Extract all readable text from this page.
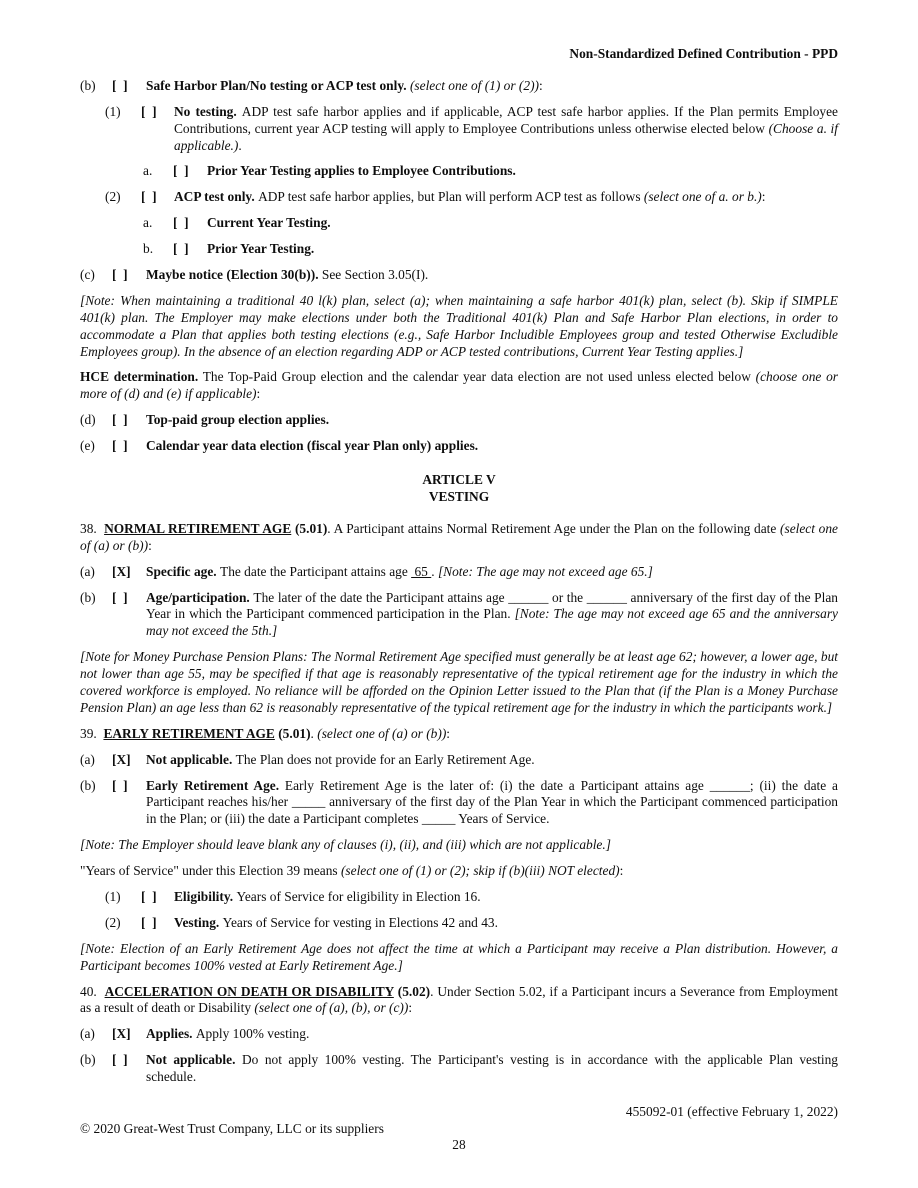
Non-Standardized Defined Contribution - PPD
(b)	[  ]	Safe Harbor Plan/No testing or ACP test only. (select one of (1) or (2)):
(1)	[  ]	No testing. ADP test safe harbor applies and if applicable, ACP test safe harbor applies. If the Plan permits Employee Contributions, current year ACP testing will apply to Employee Contributions unless otherwise elected below (Choose a. if applicable.).
a.	[  ]	Prior Year Testing applies to Employee Contributions.
(2)	[  ]	ACP test only. ADP test safe harbor applies, but Plan will perform ACP test as follows (select one of a. or b.):
a.	[  ]	Current Year Testing.
b.	[  ]	Prior Year Testing.
(c)	[  ]	Maybe notice (Election 30(b)). See Section 3.05(I).

[Note: When maintaining a traditional 40 l(k) plan, select (a); when maintaining a safe harbor 401(k) plan, select (b). Skip if SIMPLE 401(k) plan. The Employer may make elections under both the Traditional 401(k) Plan and Safe Harbor Plan elections, in order to accommodate a Plan that applies both testing elections (e.g., Safe Harbor Includible Employees group and tested Otherwise Excludible Employees group). In the absence of an election regarding ADP or ACP tested contributions, Current Year Testing applies.]

HCE determination. The Top-Paid Group election and the calendar year data election are not used unless elected below (choose one or more of (d) and (e) if applicable):

(d)	[  ]	Top-paid group election applies.
(e)	[  ]	Calendar year data election (fiscal year Plan only) applies.
ARTICLE V
VESTING

38.  NORMAL RETIREMENT AGE (5.01). A Participant attains Normal Retirement Age under the Plan on the following date (select one of (a) or (b)):

(a)	[X]	Specific age. The date the Participant attains age  65 . [Note: The age may not exceed age 65.]
(b)	[  ]	Age/participation. The later of the date the Participant attains age ______ or the ______ anniversary of the first day of the Plan Year in which the Participant commenced participation in the Plan. [Note: The age may not exceed age 65 and the anniversary may not exceed the 5th.]

[Note for Money Purchase Pension Plans: The Normal Retirement Age specified must generally be at least age 62; however, a lower age, but not lower than age 55, may be specified if that age is reasonably representative of the typical retirement age for the industry in which the covered workforce is employed. No reliance will be afforded on the Opinion Letter issued to the Plan that (if the Plan is a Money Purchase Pension Plan) an age less than 62 is reasonably representative of the typical retirement age for the industry in which the participants work.]

39.  EARLY RETIREMENT AGE (5.01). (select one of (a) or (b)):

(a)	[X]	Not applicable. The Plan does not provide for an Early Retirement Age.
(b)	[  ]	Early Retirement Age. Early Retirement Age is the later of: (i) the date a Participant attains age ______; (ii) the date a Participant reaches his/her _____ anniversary of the first day of the Plan Year in which the Participant commenced participation in the Plan; or (iii) the date a Participant completes _____ Years of Service.

[Note: The Employer should leave blank any of clauses (i), (ii), and (iii) which are not applicable.]

"Years of Service" under this Election 39 means (select one of (1) or (2); skip if (b)(iii) NOT elected):

(1)	[  ]	Eligibility. Years of Service for eligibility in Election 16.
(2)	[  ]	Vesting. Years of Service for vesting in Elections 42 and 43.

[Note: Election of an Early Retirement Age does not affect the time at which a Participant may receive a Plan distribution. However, a Participant becomes 100% vested at Early Retirement Age.]

40.  ACCELERATION ON DEATH OR DISABILITY (5.02). Under Section 5.02, if a Participant incurs a Severance from Employment as a result of death or Disability (select one of (a), (b), or (c)):

(a)	[X]	Applies. Apply 100% vesting.
(b)	[  ]	Not applicable. Do not apply 100% vesting. The Participant's vesting is in accordance with the applicable Plan vesting schedule.
455092-01 (effective February 1, 2022)
© 2020 Great-West Trust Company, LLC or its suppliers
28
